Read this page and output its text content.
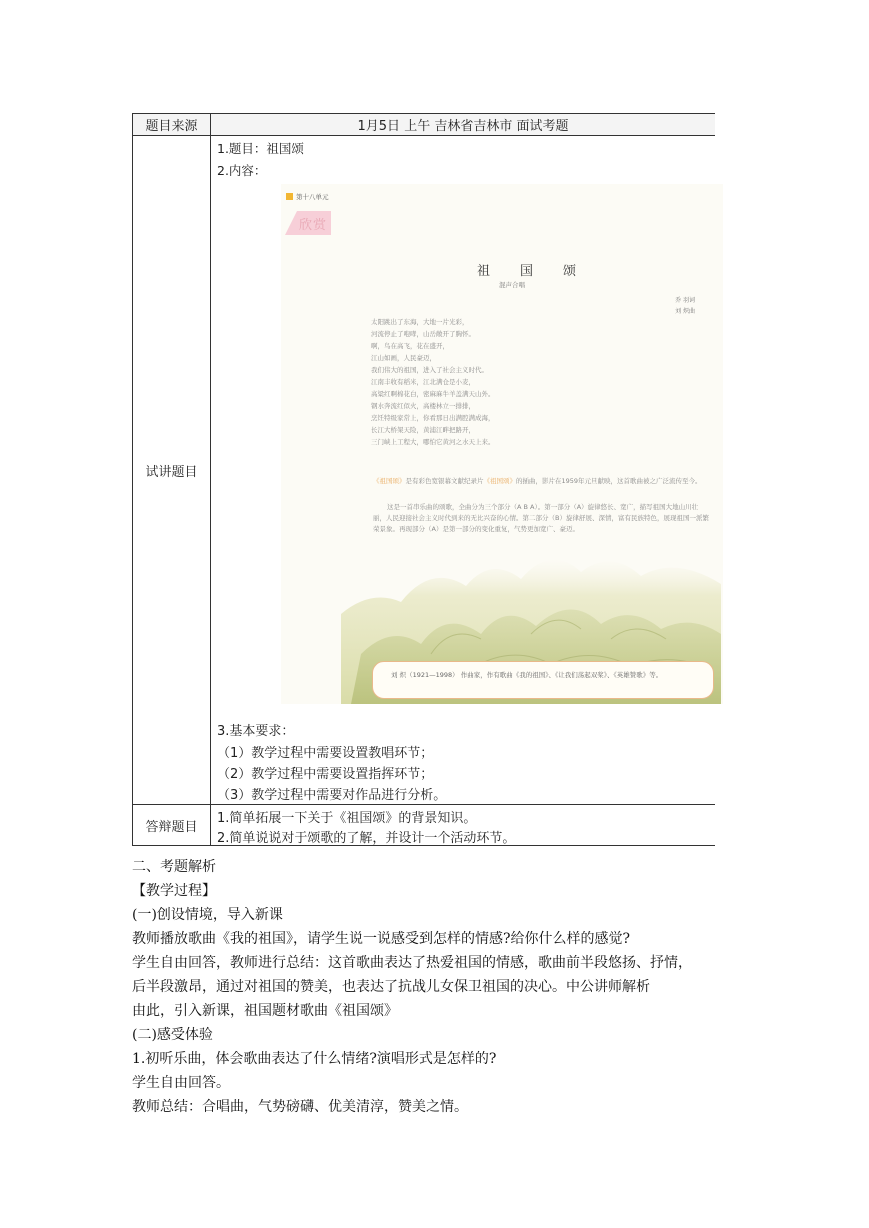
题目来源	1月5日 上午 吉林省吉林市 面试考题
试讲题目
1.题目：祖国颂
2.内容：
第十八单元
欣赏
祖国颂
混声合唱
乔 羽词
刘 炽曲
太阳跳出了东海，大地一片光彩，
河流停止了咆哮，山岳敞开了胸怀。
啊，鸟在高飞，花在盛开，
江山如画，人民豪迈，
我们伟大的祖国，进入了社会主义时代。
江南丰收有稻米，江北满仓是小麦，
高粱红啊棉花白，密麻麻牛羊盖满天山外。
钢水奔流红似火，高楼林立一排排，
烹饪特级家常上，你看那日出满腔满成海，
长江大桥架天险，黄浦江畔把路开，
三门峡上工程大，哪怕它黄河之水天上来。
《祖国颂》是有彩色宽银幕文献纪录片《祖国颂》的插曲，影片在1959年元旦献映，这首歌曲被之广泛流传至今。
这是一首串乐曲的颂歌，全曲分为三个部分（A B A）。第一部分（A）旋律悠长、宽广，描写祖国大地山川壮丽，人民迎接社会主义时代到来的无比兴奋的心情。第二部分（B）旋律舒展、深情，富有民族特色，展现祖国一派繁荣景象。再现部分（A）是第一部分的变化重复，气势更加宽广、豪迈。
刘 炽（1921—1998） 作曲家，作有歌曲《我的祖国》、《让我们荡起双桨》、《英雄赞歌》等。
3.基本要求：
（1）教学过程中需要设置教唱环节；
（2）教学过程中需要设置指挥环节；
（3）教学过程中需要对作品进行分析。
答辩题目
1.简单拓展一下关于《祖国颂》的背景知识。
2.简单说说对于颂歌的了解，并设计一个活动环节。
二、考题解析
【教学过程】
(一)创设情境，导入新课
教师播放歌曲《我的祖国》，请学生说一说感受到怎样的情感?给你什么样的感觉?
学生自由回答，教师进行总结：这首歌曲表达了热爱祖国的情感，歌曲前半段悠扬、抒情，
后半段激昂，通过对祖国的赞美，也表达了抗战儿女保卫祖国的决心。中公讲师解析
由此，引入新课，祖国题材歌曲《祖国颂》
(二)感受体验
1.初听乐曲，体会歌曲表达了什么情绪?演唱形式是怎样的?
学生自由回答。
教师总结：合唱曲，气势磅礴、优美清淳，赞美之情。
